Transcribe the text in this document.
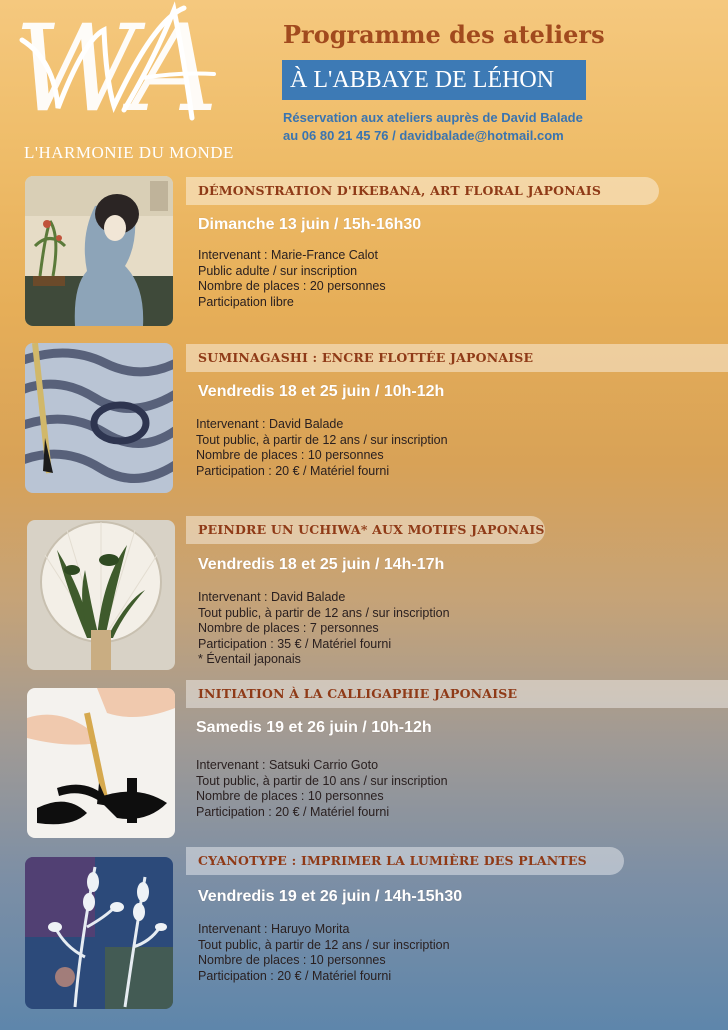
WA
L'HARMONIE DU MONDE
Programme des ateliers
À L'ABBAYE DE LÉHON
Réservation aux ateliers auprès de David Balade
au 06 80 21 45 76 / davidbalade@hotmail.com
DÉMONSTRATION D'IKEBANA, ART FLORAL JAPONAIS
Dimanche 13 juin / 15h-16h30
Intervenant : Marie-France Calot
Public adulte / sur inscription
Nombre de places : 20 personnes
Participation libre
SUMINAGASHI : ENCRE FLOTTÉE JAPONAISE
Vendredis 18 et 25 juin / 10h-12h
Intervenant : David Balade
Tout public, à partir de 12 ans / sur inscription
Nombre de places : 10 personnes
Participation : 20 € / Matériel fourni
PEINDRE UN UCHIWA* AUX MOTIFS JAPONAIS
Vendredis 18 et 25 juin / 14h-17h
Intervenant : David Balade
Tout public, à partir de 12 ans / sur inscription
Nombre de places : 7 personnes
Participation : 35 € / Matériel fourni
* Éventail japonais
INITIATION À LA CALLIGAPHIE JAPONAISE
Samedis 19 et 26 juin / 10h-12h
Intervenant : Satsuki Carrio Goto
Tout public, à partir de 10 ans / sur inscription
Nombre de places : 10 personnes
Participation : 20 € / Matériel fourni
CYANOTYPE : IMPRIMER LA LUMIÈRE DES PLANTES
Vendredis 19 et 26 juin / 14h-15h30
Intervenant : Haruyo Morita
Tout public, à partir de 12 ans / sur inscription
Nombre de places : 10 personnes
Participation : 20 € / Matériel fourni
